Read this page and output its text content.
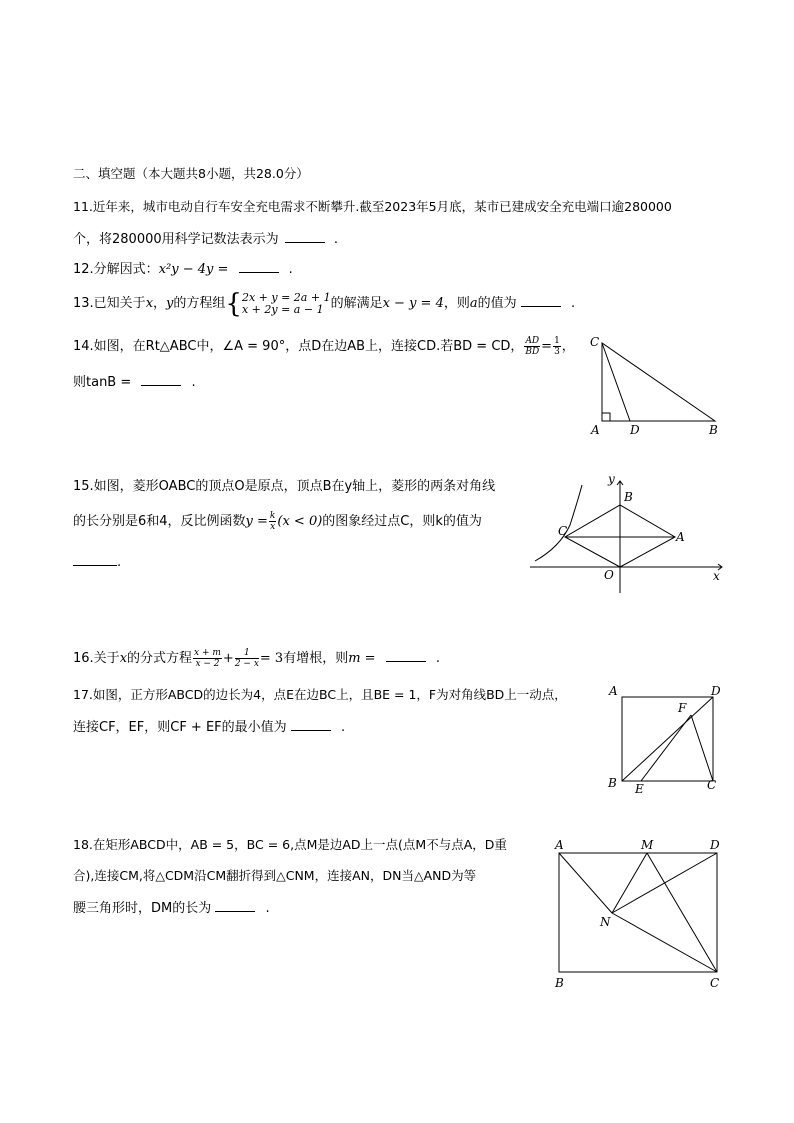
二、填空题（本大题共8小题，共28.0分）
11.近年来，城市电动自行车安全充电需求不断攀升.截至2023年5月底，某市已建成安全充电端口逾280000
个，将280000用科学记数法表示为	.
12.分解因式：x²y − 4y =	.
13.已知关于x，y的方程组{ 2x + y = 2a + 1
x + 2y = a − 1 的解满足x − y = 4，则a的值为	.
14.如图，在Rt△ABC中，∠A = 90°，点D在边AB上，连接CD.若BD = CD， $\frac{AD}{BD} = \frac{1}{3}$ ，
则tanB =	.
C
A	D	B
15.如图，菱形OABC的顶点O是原点，顶点B在y轴上，菱形的两条对角线
的长分别是6和4，反比例函数$y = \frac{k}{x} (x < 0)$的图象经过点C，则k的值为
.
y
B
C	A
O	x
16.关于x的分式方程 $\frac{x + m}{x - 2} + \frac{1}{2 - x} = 3$有增根，则m =	.
17.如图，正方形ABCD的边长为4，点E在边BC上，且BE = 1，F为对角线BD上一动点，
连接CF，EF，则CF + EF的最小值为	.
A	D
F
B E	C
18.在矩形ABCD中，AB = 5，BC = 6,点M是边AD上一点(点M不与点A，D重
合),连接CM,将△CDM沿CM翻折得到△CNM，连接AN，DN当△AND为等
腰三角形时，DM的长为	.
A	M	D
N
B	C
